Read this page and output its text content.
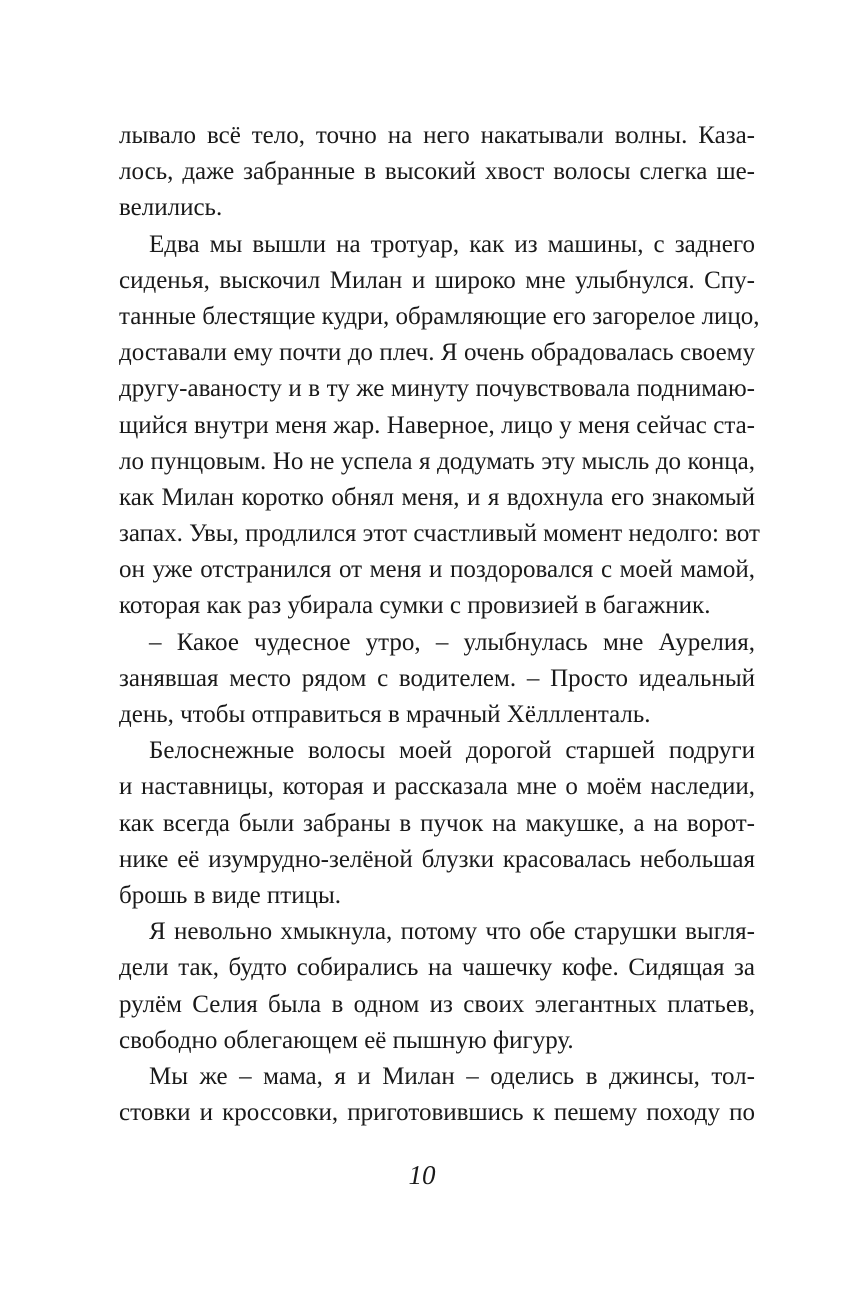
лывало всё тело, точно на него накатывали волны. Каза-
лось, даже забранные в высокий хвост волосы слегка ше-
велились.
Едва мы вышли на тротуар, как из машины, с заднего
сиденья, выскочил Милан и широко мне улыбнулся. Спу-
танные блестящие кудри, обрамляющие его загорелое лицо,
доставали ему почти до плеч. Я очень обрадовалась своему
другу-аваносту и в ту же минуту почувствовала поднимаю-
щийся внутри меня жар. Наверное, лицо у меня сейчас ста-
ло пунцовым. Но не успела я додумать эту мысль до конца,
как Милан коротко обнял меня, и я вдохнула его знакомый
запах. Увы, продлился этот счастливый момент недолго: вот
он уже отстранился от меня и поздоровался с моей мамой,
которая как раз убирала сумки с провизией в багажник.
– Какое чудесное утро, – улыбнулась мне Аурелия,
занявшая место рядом с водителем. – Просто идеальный
день, чтобы отправиться в мрачный Хёллленталь.
Белоснежные волосы моей дорогой старшей подруги
и наставницы, которая и рассказала мне о моём наследии,
как всегда были забраны в пучок на макушке, а на ворот-
нике её изумрудно-зелёной блузки красовалась небольшая
брошь в виде птицы.
Я невольно хмыкнула, потому что обе старушки выгля-
дели так, будто собирались на чашечку кофе. Сидящая за
рулём Селия была в одном из своих элегантных платьев,
свободно облегающем её пышную фигуру.
Мы же – мама, я и Милан – оделись в джинсы, тол-
стовки и кроссовки, приготовившись к пешему походу по
10
